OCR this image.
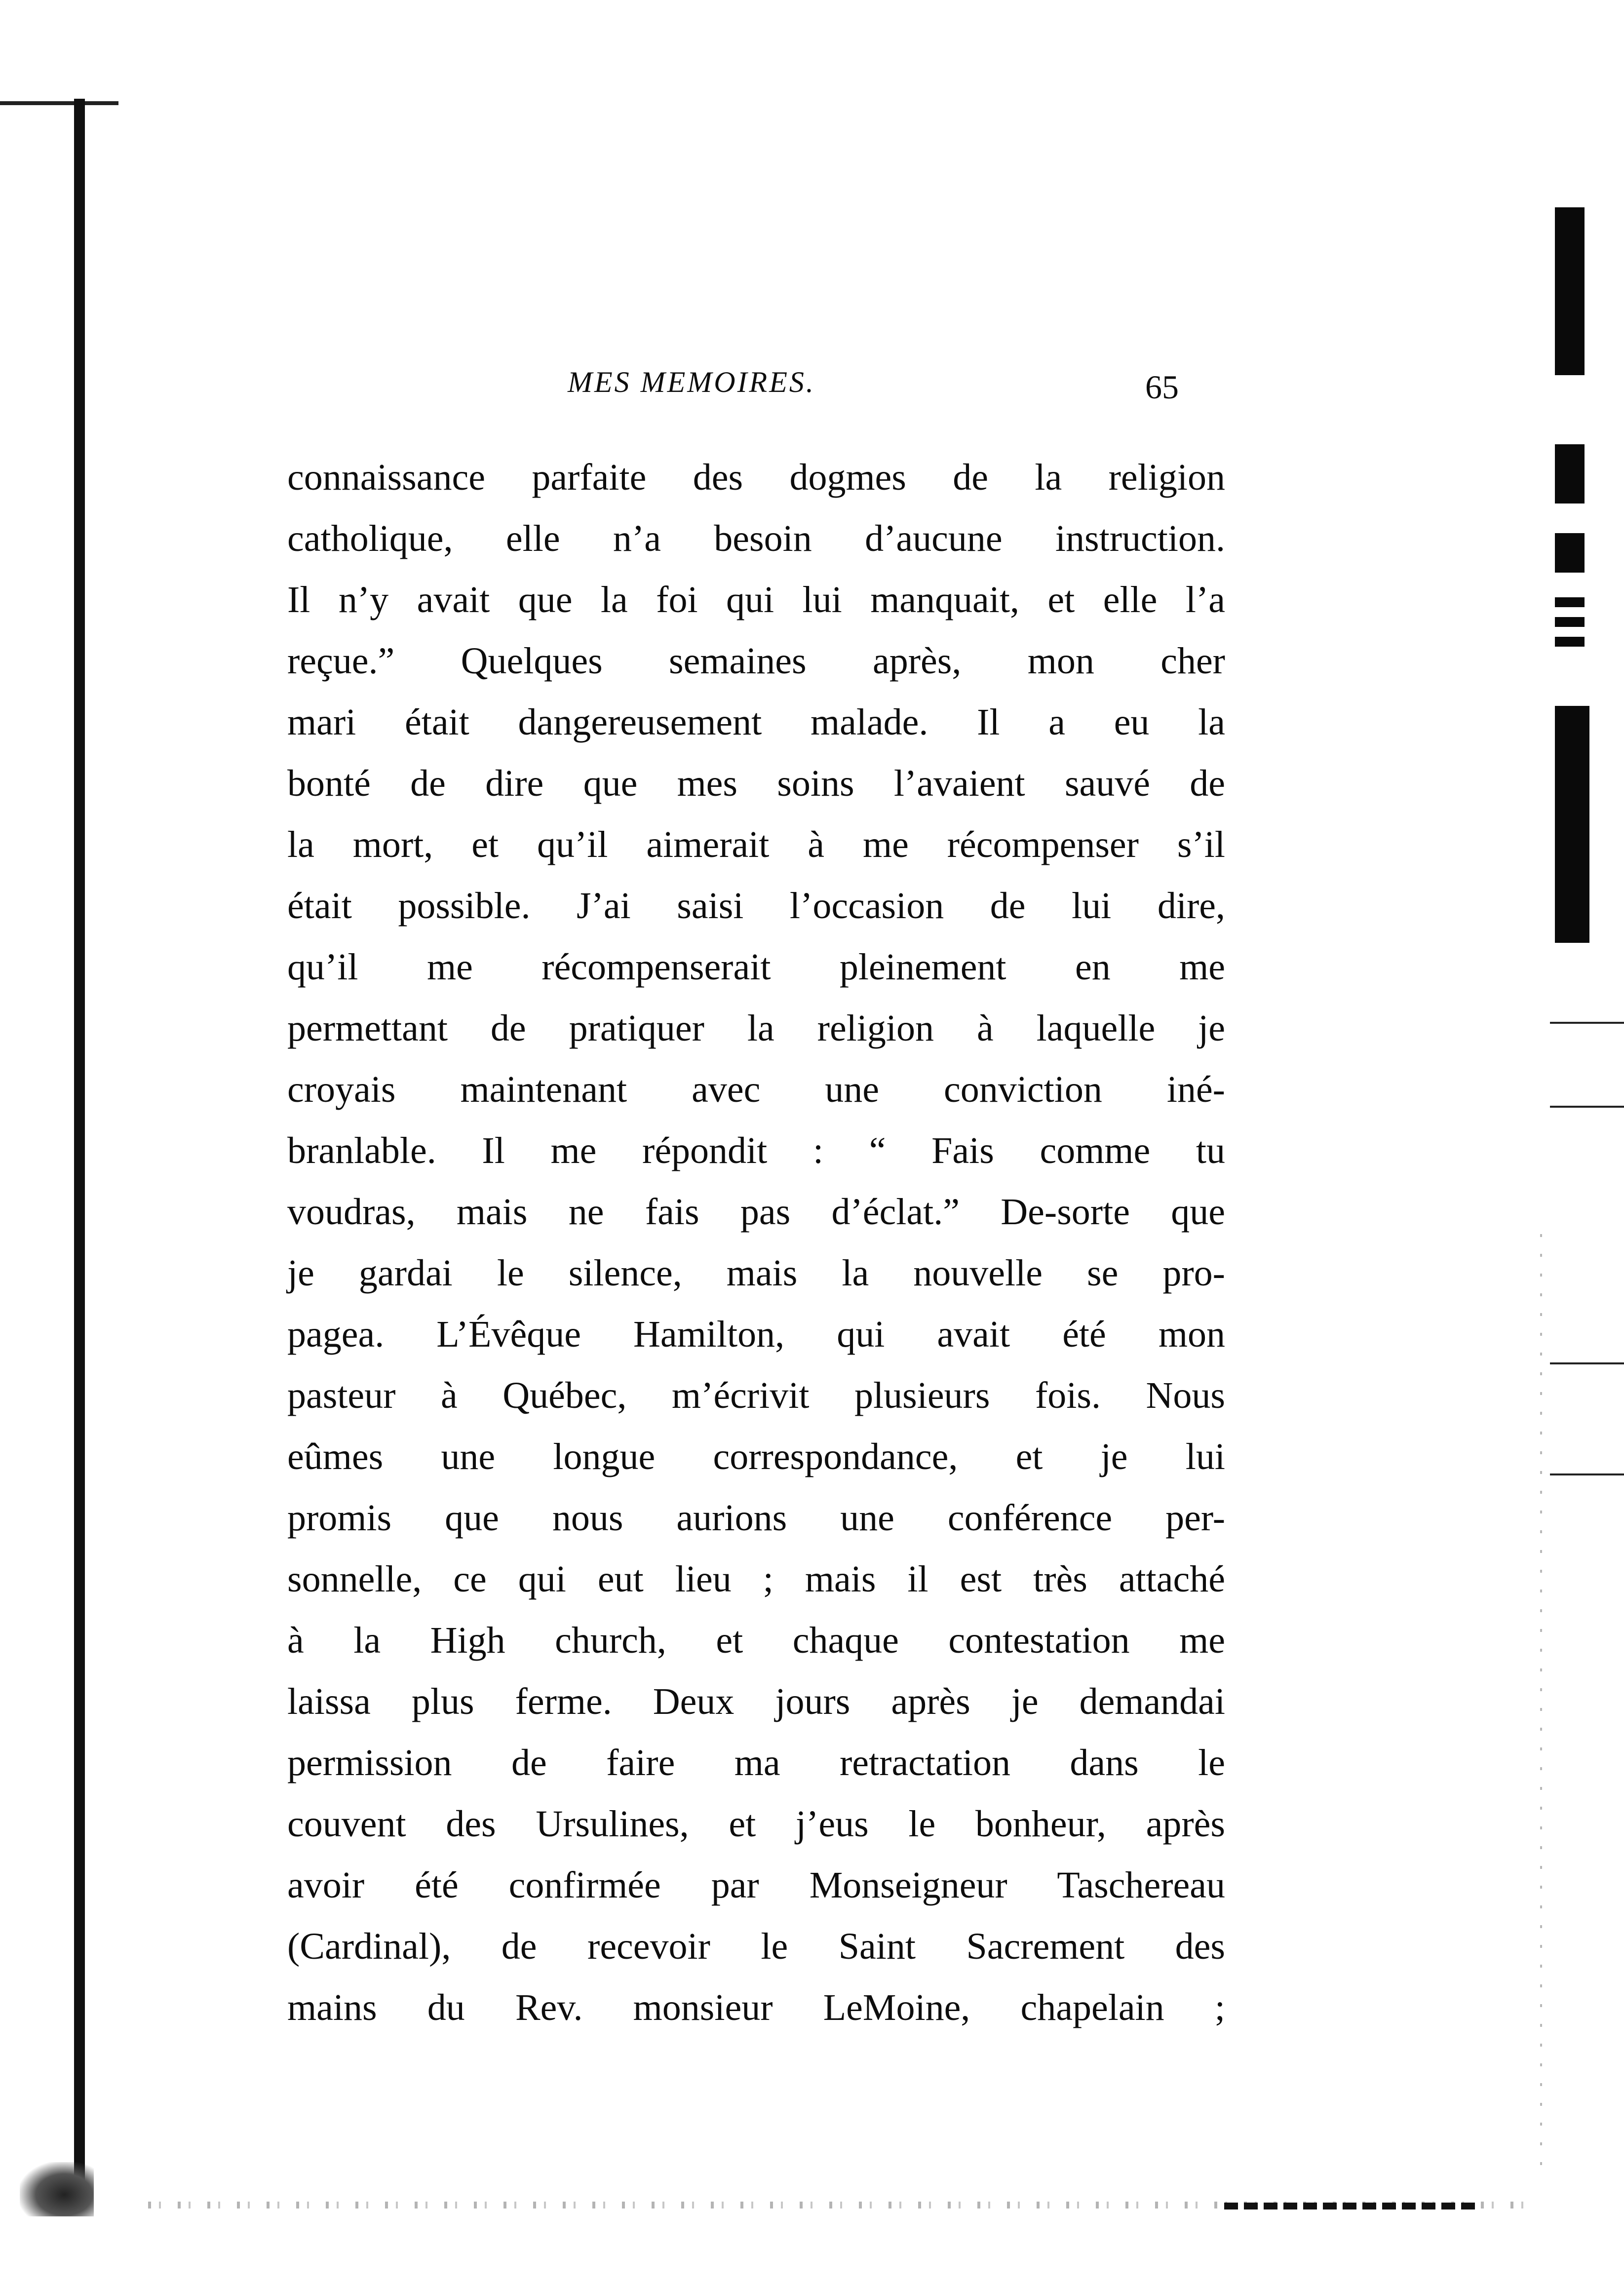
MES MEMOIRES.	65
connaissance parfaite des dogmes de la religion
catholique, elle n’a besoin d’aucune instruction.
Il n’y avait que la foi qui lui manquait, et elle l’a
reçue.” Quelques semaines après, mon cher
mari était dangereusement malade. Il a eu la
bonté de dire que mes soins l’avaient sauvé de
la mort, et qu’il aimerait à me récompenser s’il
était possible. J’ai saisi l’occasion de lui dire,
qu’il me récompenserait pleinement en me
permettant de pratiquer la religion à laquelle je
croyais maintenant avec une conviction iné-
branlable. Il me répondit : “ Fais comme tu
voudras, mais ne fais pas d’éclat.” De-sorte que
je gardai le silence, mais la nouvelle se pro-
pagea. L’Évêque Hamilton, qui avait été mon
pasteur à Québec, m’écrivit plusieurs fois. Nous
eûmes une longue correspondance, et je lui
promis que nous aurions une conférence per-
sonnelle, ce qui eut lieu ; mais il est très attaché
à la High church, et chaque contestation me
laissa plus ferme. Deux jours après je demandai
permission de faire ma retractation dans le
couvent des Ursulines, et j’eus le bonheur, après
avoir été confirmée par Monseigneur Taschereau
(Cardinal), de recevoir le Saint Sacrement des
mains du Rev. monsieur LeMoine, chapelain ;
